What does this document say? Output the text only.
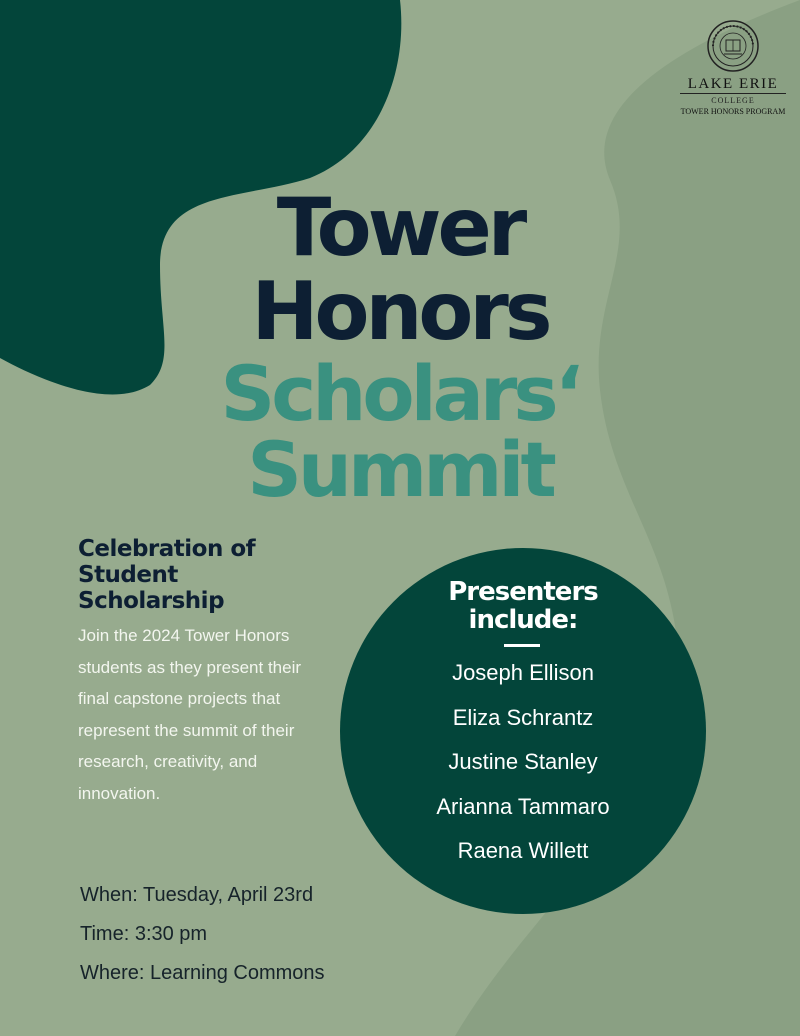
LAKE ERIE
COLLEGE
TOWER HONORS PROGRAM
Tower
Honors
Scholars‘
Summit
Celebration of
Student
Scholarship
Join the 2024 Tower Honors students as they present their final capstone projects that represent the summit of their research, creativity, and innovation.
Presenters
include:
Joseph Ellison
Eliza Schrantz
Justine Stanley
Arianna Tammaro
Raena Willett
When: Tuesday, April 23rd
Time: 3:30 pm
Where: Learning Commons
